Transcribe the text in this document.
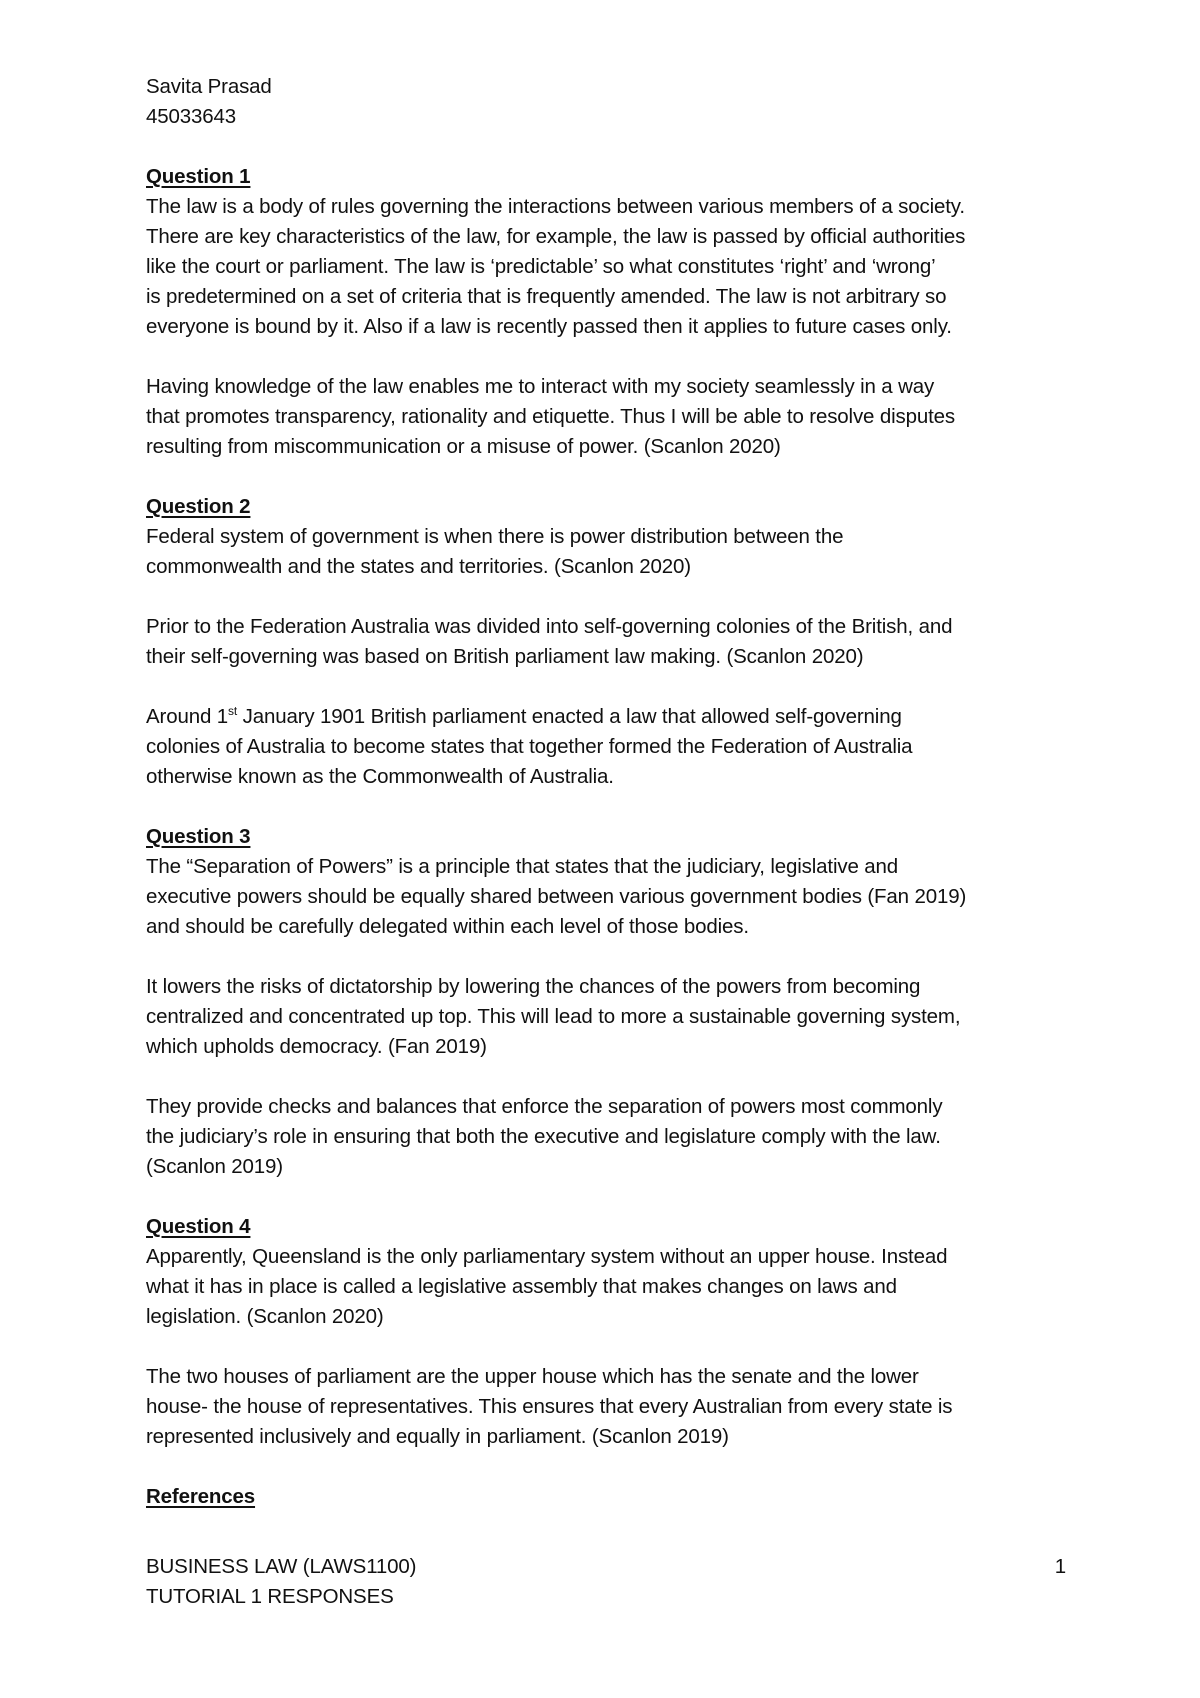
Savita Prasad
45033643
Question 1

The law is a body of rules governing the interactions between various members of a society.
There are key characteristics of the law, for example, the law is passed by official authorities
like the court or parliament. The law is ‘predictable’ so what constitutes ‘right’ and ‘wrong’
is predetermined on a set of criteria that is frequently amended. The law is not arbitrary so
everyone is bound by it. Also if a law is recently passed then it applies to future cases only.

Having knowledge of the law enables me to interact with my society seamlessly in a way
that promotes transparency, rationality and etiquette. Thus I will be able to resolve disputes
resulting from miscommunication or a misuse of power. (Scanlon 2020)

Question 2

Federal system of government is when there is power distribution between the
commonwealth and the states and territories. (Scanlon 2020)

Prior to the Federation Australia was divided into self-governing colonies of the British, and
their self-governing was based on British parliament law making. (Scanlon 2020)

Around 1st January 1901 British parliament enacted a law that allowed self-governing
colonies of Australia to become states that together formed the Federation of Australia
otherwise known as the Commonwealth of Australia.

Question 3

The “Separation of Powers” is a principle that states that the judiciary, legislative and
executive powers should be equally shared between various government bodies (Fan 2019)
and should be carefully delegated within each level of those bodies.

It lowers the risks of dictatorship by lowering the chances of the powers from becoming
centralized and concentrated up top. This will lead to more a sustainable governing system,
which upholds democracy. (Fan 2019)

They provide checks and balances that enforce the separation of powers most commonly
the judiciary’s role in ensuring that both the executive and legislature comply with the law.
(Scanlon 2019)

Question 4

Apparently, Queensland is the only parliamentary system without an upper house. Instead
what it has in place is called a legislative assembly that makes changes on laws and
legislation. (Scanlon 2020)

The two houses of parliament are the upper house which has the senate and the lower
house- the house of representatives. This ensures that every Australian from every state is
represented inclusively and equally in parliament. (Scanlon 2019)

References
BUSINESS LAW (LAWS1100)
TUTORIAL 1 RESPONSES
1
